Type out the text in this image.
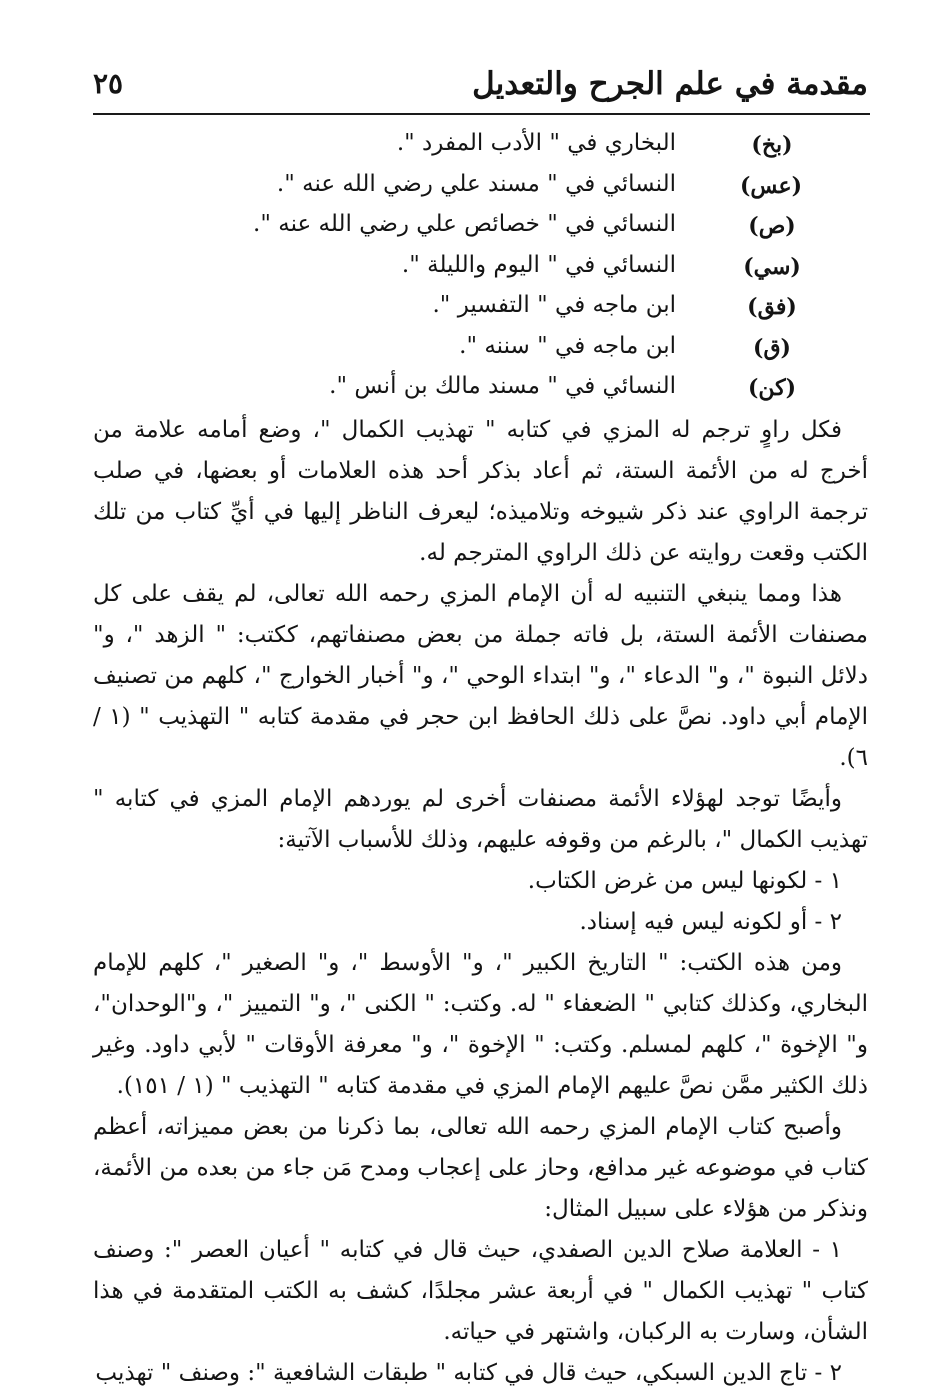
مقدمة في علم الجرح والتعديل
٢٥
(بخ)
البخاري في " الأدب المفرد ".
(عس)
النسائي في " مسند علي رضي الله عنه ".
(ص)
النسائي في " خصائص علي رضي الله عنه ".
(سي)
النسائي في " اليوم والليلة ".
(فق)
ابن ماجه في " التفسير ".
(ق)
ابن ماجه في " سننه ".
(كن)
النسائي في " مسند مالك بن أنس ".

فكل راوٍ ترجم له المزي في كتابه " تهذيب الكمال "، وضع أمامه علامة من أخرج له من الأئمة الستة، ثم أعاد بذكر أحد هذه العلامات أو بعضها، في صلب ترجمة الراوي عند ذكر شيوخه وتلاميذه؛ ليعرف الناظر إليها في أيِّ كتاب من تلك الكتب وقعت روايته عن ذلك الراوي المترجم له.

هذا ومما ينبغي التنبيه له أن الإمام المزي رحمه الله تعالى، لم يقف على كل مصنفات الأئمة الستة، بل فاته جملة من بعض مصنفاتهم، ككتب: " الزهد "، و" دلائل النبوة "، و" الدعاء "، و" ابتداء الوحي "، و" أخبار الخوارج "، كلهم من تصنيف الإمام أبي داود. نصَّ على ذلك الحافظ ابن حجر في مقدمة كتابه " التهذيب " (١ / ٦).

وأيضًا توجد لهؤلاء الأئمة مصنفات أخرى لم يوردهم الإمام المزي في كتابه " تهذيب الكمال "، بالرغم من وقوفه عليهم، وذلك للأسباب الآتية:

١ - لكونها ليس من غرض الكتاب.

٢ - أو لكونه ليس فيه إسناد.

ومن هذه الكتب: " التاريخ الكبير "، و" الأوسط "، و" الصغير "، كلهم للإمام البخاري، وكذلك كتابي " الضعفاء " له. وكتب: " الكنى "، و" التمييز "، و"الوحدان"، و" الإخوة "، كلهم لمسلم. وكتب: " الإخوة "، و" معرفة الأوقات " لأبي داود. وغير ذلك الكثير ممَّن نصَّ عليهم الإمام المزي في مقدمة كتابه " التهذيب " (١ / ١٥١).

وأصبح كتاب الإمام المزي رحمه الله تعالى، بما ذكرنا من بعض مميزاته، أعظم كتاب في موضوعه غير مدافع، وحاز على إعجاب ومدح مَن جاء من بعده من الأئمة، ونذكر من هؤلاء على سبيل المثال:

١ - العلامة صلاح الدين الصفدي، حيث قال في كتابه " أعيان العصر ": وصنف كتاب " تهذيب الكمال " في أربعة عشر مجلدًا، كشف به الكتب المتقدمة في هذا الشأن، وسارت به الركبان، واشتهر في حياته.

٢ - تاج الدين السبكي، حيث قال في كتابه " طبقات الشافعية ": وصنف " تهذيب
